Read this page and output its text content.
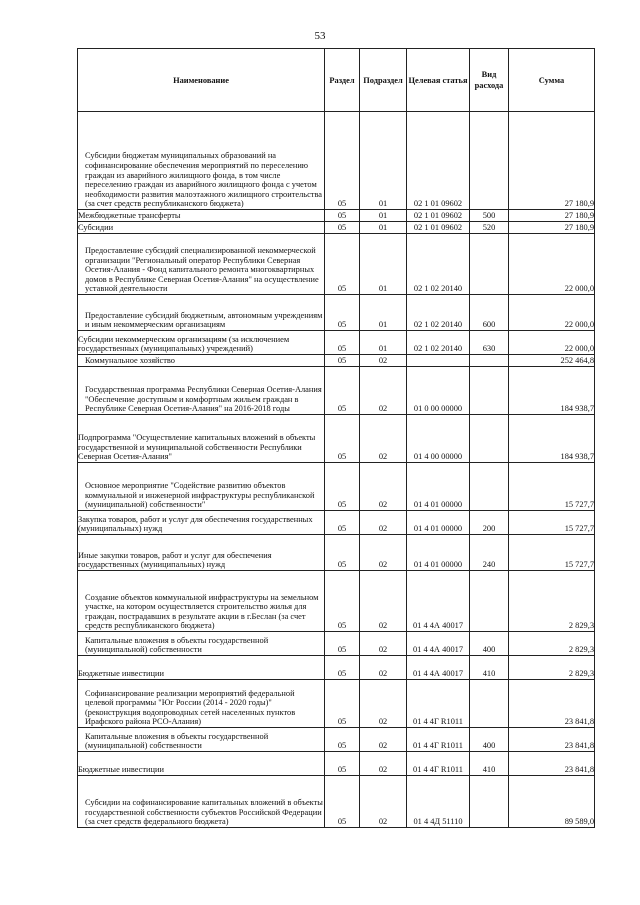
53
Наименование	Раздел	Подраздел	Целевая статья	Вид расхода	Сумма
Субсидии бюджетам муниципальных образований на софинансирование обеспечения мероприятий по переселению граждан из аварийного жилищного фонда, в том числе переселению граждан из аварийного жилищного фонда с учетом необходимости развития малоэтажного жилищного строительства (за счет средств республиканского бюджета)	05	01	02 1 01 09602		27 180,9
Межбюджетные трансферты	05	01	02 1 01 09602	500	27 180,9
Субсидии	05	01	02 1 01 09602	520	27 180,9
Предоставление субсидий специализированной некоммерческой организации "Региональный оператор Республики Северная Осетия-Алания - Фонд капитального ремонта многоквартирных домов в Республике Северная Осетия-Алания" на осуществление уставной деятельности	05	01	02 1 02 20140		22 000,0
Предоставление субсидий бюджетным, автономным учреждениям и иным некоммерческим организациям	05	01	02 1 02 20140	600	22 000,0
Субсидии некоммерческим организациям (за исключением государственных (муниципальных) учреждений)	05	01	02 1 02 20140	630	22 000,0
Коммунальное хозяйство	05	02			252 464,8
Государственная программа Республики Северная Осетия-Алания "Обеспечение доступным и комфортным жильем граждан в Республике Северная Осетия-Алания" на 2016-2018 годы	05	02	01 0 00 00000		184 938,7
Подпрограмма "Осуществление капитальных вложений в объекты государственной и муниципальной собственности Республики Северная Осетия-Алания"	05	02	01 4 00 00000		184 938,7
Основное мероприятие "Содействие развитию объектов коммунальной и инженерной инфраструктуры республиканской (муниципальной) собственности"	05	02	01 4 01 00000		15 727,7
Закупка товаров, работ и услуг для обеспечения государственных (муниципальных) нужд	05	02	01 4 01 00000	200	15 727,7
Иные закупки товаров, работ и услуг для обеспечения государственных (муниципальных) нужд	05	02	01 4 01 00000	240	15 727,7
Создание объектов коммунальной инфраструктуры на земельном участке, на котором осуществляется строительство жилья для граждан, пострадавших в результате акции в г.Беслан (за счет средств республиканского бюджета)	05	02	01 4 4А 40017		2 829,3
Капитальные вложения в объекты государственной (муниципальной) собственности	05	02	01 4 4А 40017	400	2 829,3
Бюджетные инвестиции	05	02	01 4 4А 40017	410	2 829,3
Софинансирование реализации мероприятий федеральной целевой программы "Юг России (2014 - 2020 годы)" (реконструкция водопроводных сетей населенных пунктов Ирафского района РСО-Алания)	05	02	01 4 4Г R1011		23 841,8
Капитальные вложения в объекты государственной (муниципальной) собственности	05	02	01 4 4Г R1011	400	23 841,8
Бюджетные инвестиции	05	02	01 4 4Г R1011	410	23 841,8
Субсидии на софинансирование капитальных вложений в объекты государственной собственности субъектов Российской Федерации (за счет средств федерального бюджета)	05	02	01 4 4Д 51110		89 589,0
